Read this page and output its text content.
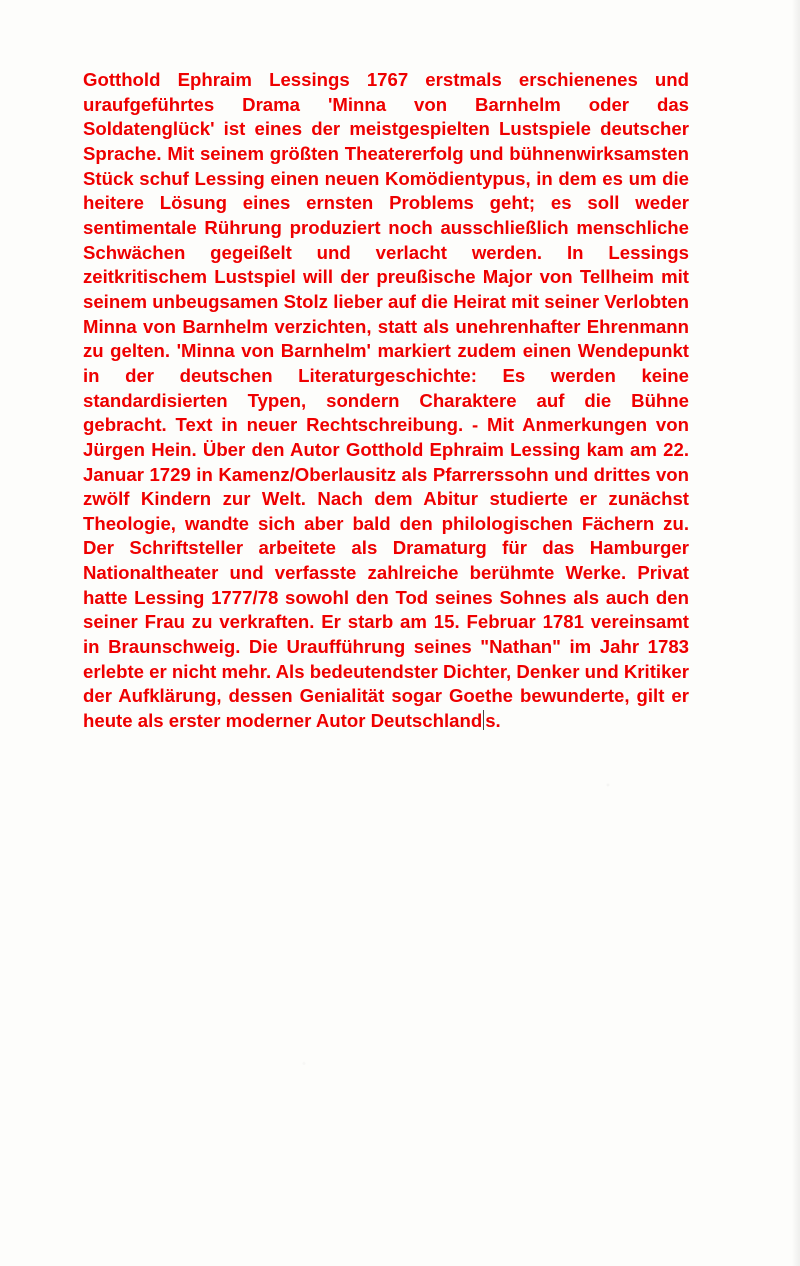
Gotthold Ephraim Lessings 1767 erstmals erschienenes und uraufgeführtes Drama 'Minna von Barnhelm oder das Soldatenglück' ist eines der meistgespielten Lustspiele deutscher Sprache. Mit seinem größten Theatererfolg und bühnenwirksamsten Stück schuf Lessing einen neuen Komödientypus, in dem es um die heitere Lösung eines ernsten Problems geht; es soll weder sentimentale Rührung produziert noch ausschließlich menschliche Schwächen gegeißelt und verlacht werden. In Lessings zeitkritischem Lustspiel will der preußische Major von Tellheim mit seinem unbeugsamen Stolz lieber auf die Heirat mit seiner Verlobten Minna von Barnhelm verzichten, statt als unehrenhafter Ehrenmann zu gelten. 'Minna von Barnhelm' markiert zudem einen Wendepunkt in der deutschen Literaturgeschichte: Es werden keine standardisierten Typen, sondern Charaktere auf die Bühne gebracht. Text in neuer Rechtschreibung. - Mit Anmerkungen von Jürgen Hein. Über den Autor Gotthold Ephraim Lessing kam am 22. Januar 1729 in Kamenz/Oberlausitz als Pfarrerssohn und drittes von zwölf Kindern zur Welt. Nach dem Abitur studierte er zunächst Theologie, wandte sich aber bald den philologischen Fächern zu. Der Schriftsteller arbeitete als Dramaturg für das Hamburger Nationaltheater und verfasste zahlreiche berühmte Werke. Privat hatte Lessing 1777/78 sowohl den Tod seines Sohnes als auch den seiner Frau zu verkraften. Er starb am 15. Februar 1781 vereinsamt in Braunschweig. Die Uraufführung seines "Nathan" im Jahr 1783 erlebte er nicht mehr. Als bedeutendster Dichter, Denker und Kritiker der Aufklärung, dessen Genialität sogar Goethe bewunderte, gilt er heute als erster moderner Autor Deutschland s.
